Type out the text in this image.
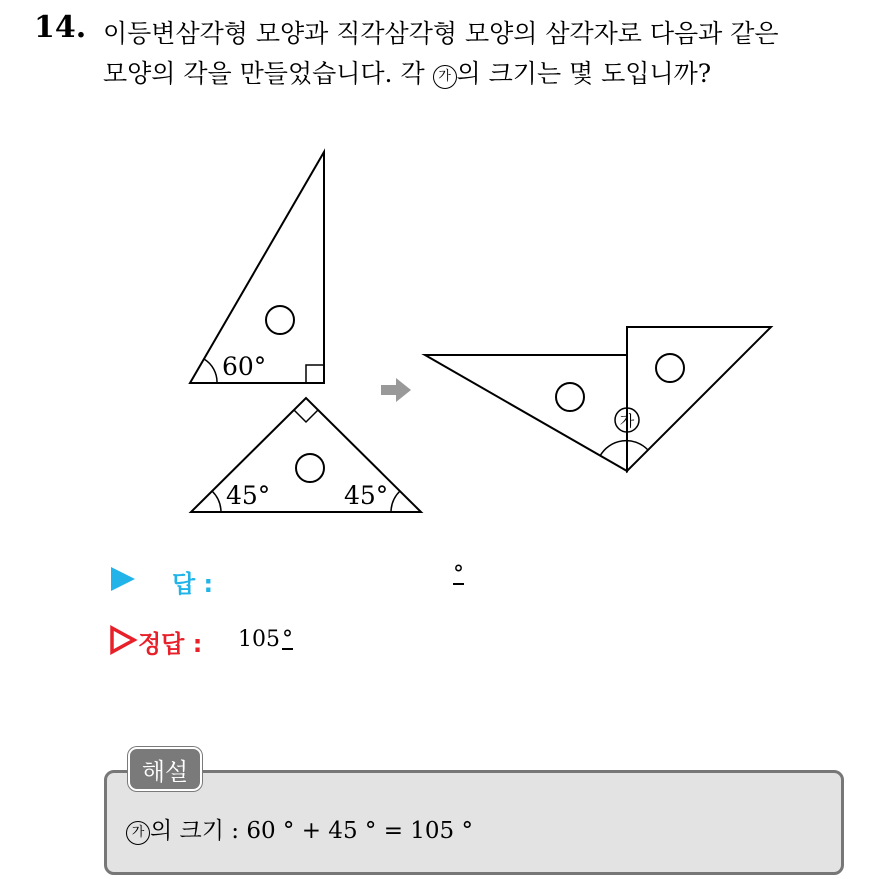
14. 이등변삼각형 모양과 직각삼각형 모양의 삼각자로 다음과 같은
모양의 각을 만들었습니다. 각 가 의 크기는 몇 도입니까?
60°
45°	45°
가
답 :	°
정답 : 105°
해설
가 의 크기 : 60 ° + 45 ° = 105 °
